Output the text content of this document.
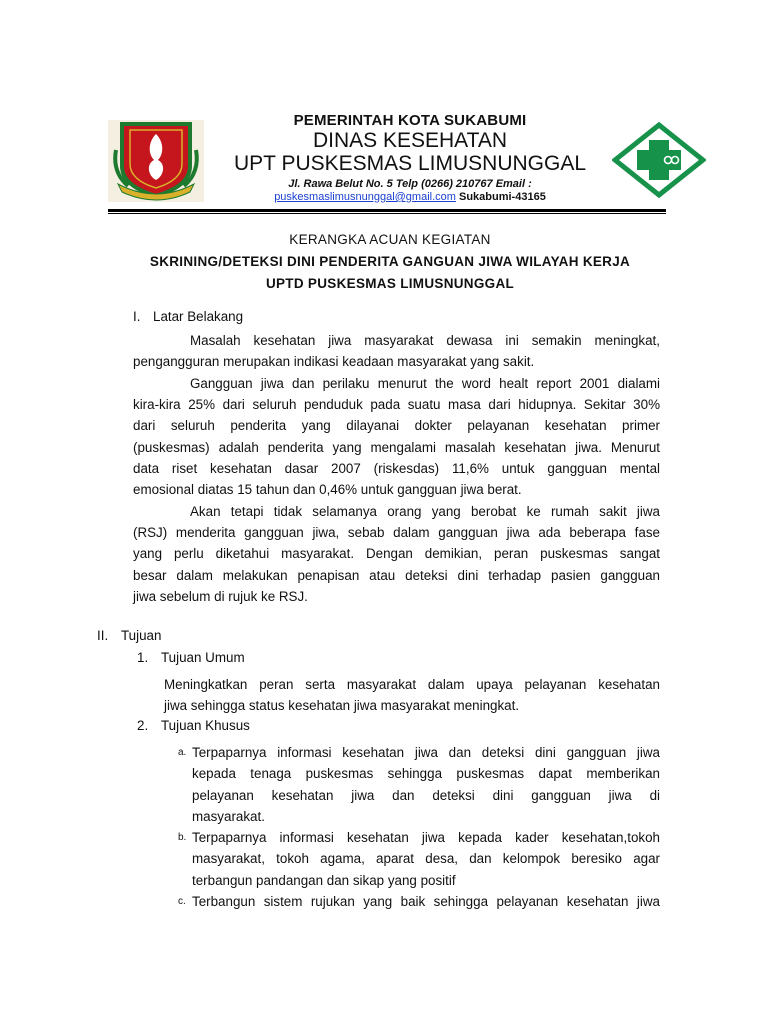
PEMERINTAH KOTA SUKABUMI
DINAS KESEHATAN
UPT PUSKESMAS LIMUSNUNGGAL
Jl. Rawa Belut No. 5 Telp (0266) 210767 Email :
puskesmaslimusnunggal@gmail.com Sukabumi-43165
KERANGKA ACUAN KEGIATAN
SKRINING/DETEKSI DINI PENDERITA GANGUAN JIWA WILAYAH KERJA
UPTD PUSKESMAS LIMUSNUNGGAL
I. Latar Belakang
Masalah kesehatan jiwa masyarakat dewasa ini semakin meningkat,
pengangguran merupakan indikasi keadaan masyarakat yang sakit.
Gangguan jiwa dan perilaku menurut the word healt report 2001 dialami
kira-kira 25% dari seluruh penduduk pada suatu masa dari hidupnya. Sekitar 30%
dari seluruh penderita yang dilayanai dokter pelayanan kesehatan primer
(puskesmas) adalah penderita yang mengalami masalah kesehatan jiwa. Menurut
data riset kesehatan dasar 2007 (riskesdas) 11,6% untuk gangguan mental
emosional diatas 15 tahun dan 0,46% untuk gangguan jiwa berat.
Akan tetapi tidak selamanya orang yang berobat ke rumah sakit jiwa
(RSJ) menderita gangguan jiwa, sebab dalam gangguan jiwa ada beberapa fase
yang perlu diketahui masyarakat. Dengan demikian, peran puskesmas sangat
besar dalam melakukan penapisan atau deteksi dini terhadap pasien gangguan
jiwa sebelum di rujuk ke RSJ.
II. Tujuan
1. Tujuan Umum
Meningkatkan peran serta masyarakat dalam upaya pelayanan kesehatan
jiwa sehingga status kesehatan jiwa masyarakat meningkat.
2. Tujuan Khusus
a. Terpaparnya informasi kesehatan jiwa dan deteksi dini gangguan jiwa
kepada tenaga puskesmas sehingga puskesmas dapat memberikan
pelayanan kesehatan jiwa dan deteksi dini gangguan jiwa di
masyarakat.
b. Terpaparnya informasi kesehatan jiwa kepada kader kesehatan,tokoh
masyarakat, tokoh agama, aparat desa, dan kelompok beresiko agar
terbangun pandangan dan sikap yang positif
c. Terbangun sistem rujukan yang baik sehingga pelayanan kesehatan jiwa
